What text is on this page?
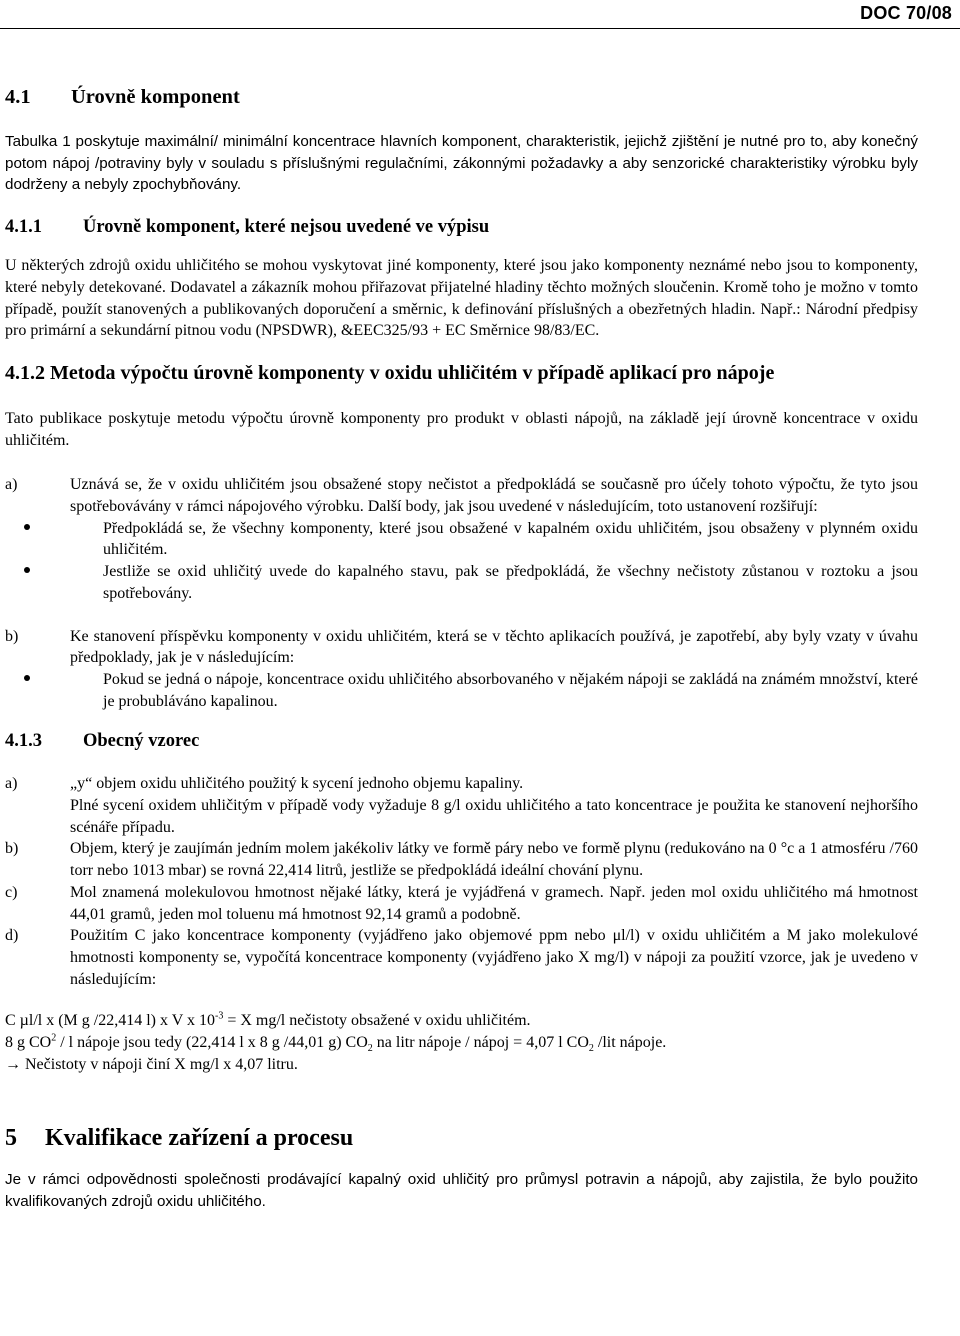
DOC 70/08
4.1 Úrovně komponent

Tabulka 1 poskytuje maximální/ minimální koncentrace hlavních komponent, charakteristik, jejichž zjištění je nutné pro to, aby konečný potom nápoj /potraviny byly v souladu s příslušnými regulačními, zákonnými požadavky a aby senzorické charakteristiky výrobku byly dodrženy a nebyly zpochybňovány.

4.1.1 Úrovně komponent, které nejsou uvedené ve výpisu

U některých zdrojů oxidu uhličitého se mohou vyskytovat jiné komponenty, které jsou jako komponenty neznámé nebo jsou to komponenty, které nebyly detekované. Dodavatel a zákazník mohou přiřazovat přijatelné hladiny těchto možných sloučenin. Kromě toho je možno v tomto případě, použít stanovených a publikovaných doporučení a směrnic, k definování příslušných a obezřetných hladin. Např.: Národní předpisy pro primární a sekundární pitnou vodu (NPSDWR), &EEC325/93 + EC Směrnice 98/83/EC.

4.1.2 Metoda výpočtu úrovně komponenty v oxidu uhličitém v případě aplikací pro nápoje

Tato publikace poskytuje metodu výpočtu úrovně komponenty pro produkt v oblasti nápojů, na základě její úrovně koncentrace v oxidu uhličitém.

a)	Uznává se, že v oxidu uhličitém jsou obsažené stopy nečistot a předpokládá se současně pro účely tohoto výpočtu, že tyto jsou spotřebovávány v rámci nápojového výrobku. Další body, jak jsou uvedené v následujícím, toto ustanovení rozšiřují:
Předpokládá se, že všechny komponenty, které jsou obsažené v kapalném oxidu uhličitém, jsou obsaženy v plynném oxidu uhličitém.
Jestliže se oxid uhličitý uvede do kapalného stavu, pak se předpokládá, že všechny nečistoty zůstanou v roztoku a jsou spotřebovány.
b)	Ke stanovení příspěvku komponenty v oxidu uhličitém, která se v těchto aplikacích používá, je zapotřebí, aby byly vzaty v úvahu předpoklady, jak je v následujícím:
Pokud se jedná o nápoje, koncentrace oxidu uhličitého absorbovaného v nějakém nápoji se zakládá na známém množství, které je probubláváno kapalinou.
4.1.3 Obecný vzorec
a)	„y“ objem oxidu uhličitého použitý k sycení jednoho objemu kapaliny.
Plné sycení oxidem uhličitým v případě vody vyžaduje 8 g/l oxidu uhličitého a tato koncentrace je použita ke stanovení nejhoršího scénáře případu.
b)	Objem, který je zaujímán jedním molem jakékoliv látky ve formě páry nebo ve formě plynu (redukováno na 0 °c a 1 atmosféru /760 torr nebo 1013 mbar) se rovná 22,414 litrů, jestliže se předpokládá ideální chování plynu.
c)	Mol znamená molekulovou hmotnost nějaké látky, která je vyjádřená v gramech. Např. jeden mol oxidu uhličitého má hmotnost 44,01 gramů, jeden mol toluenu má hmotnost 92,14 gramů a podobně.
d)	Použitím C jako koncentrace komponenty (vyjádřeno jako objemové ppm nebo μl/l) v oxidu uhličitém a M jako molekulové hmotnosti komponenty se, vypočítá koncentrace komponenty (vyjádřeno jako X mg/l) v nápoji za použití vzorce, jak je uvedeno v následujícím:
C µl/l x (M g /22,414 l) x V x $10^{-3} = X$ mg/l nečistoty obsažené v oxidu uhličitém.
8 g $CO^2$ / l nápoje jsou tedy (22,414 l x 8 g /44,01 g) $CO_2$ na litr nápoje / nápoj = 4,07 l $CO_2$ /lit nápoje.
→ Nečistoty v nápoji činí X mg/l x 4,07 litru.
5 Kvalifikace zařízení a procesu

Je v rámci odpovědnosti společnosti prodávající kapalný oxid uhličitý pro průmysl potravin a nápojů, aby zajistila, že bylo použito kvalifikovaných zdrojů oxidu uhličitého.
